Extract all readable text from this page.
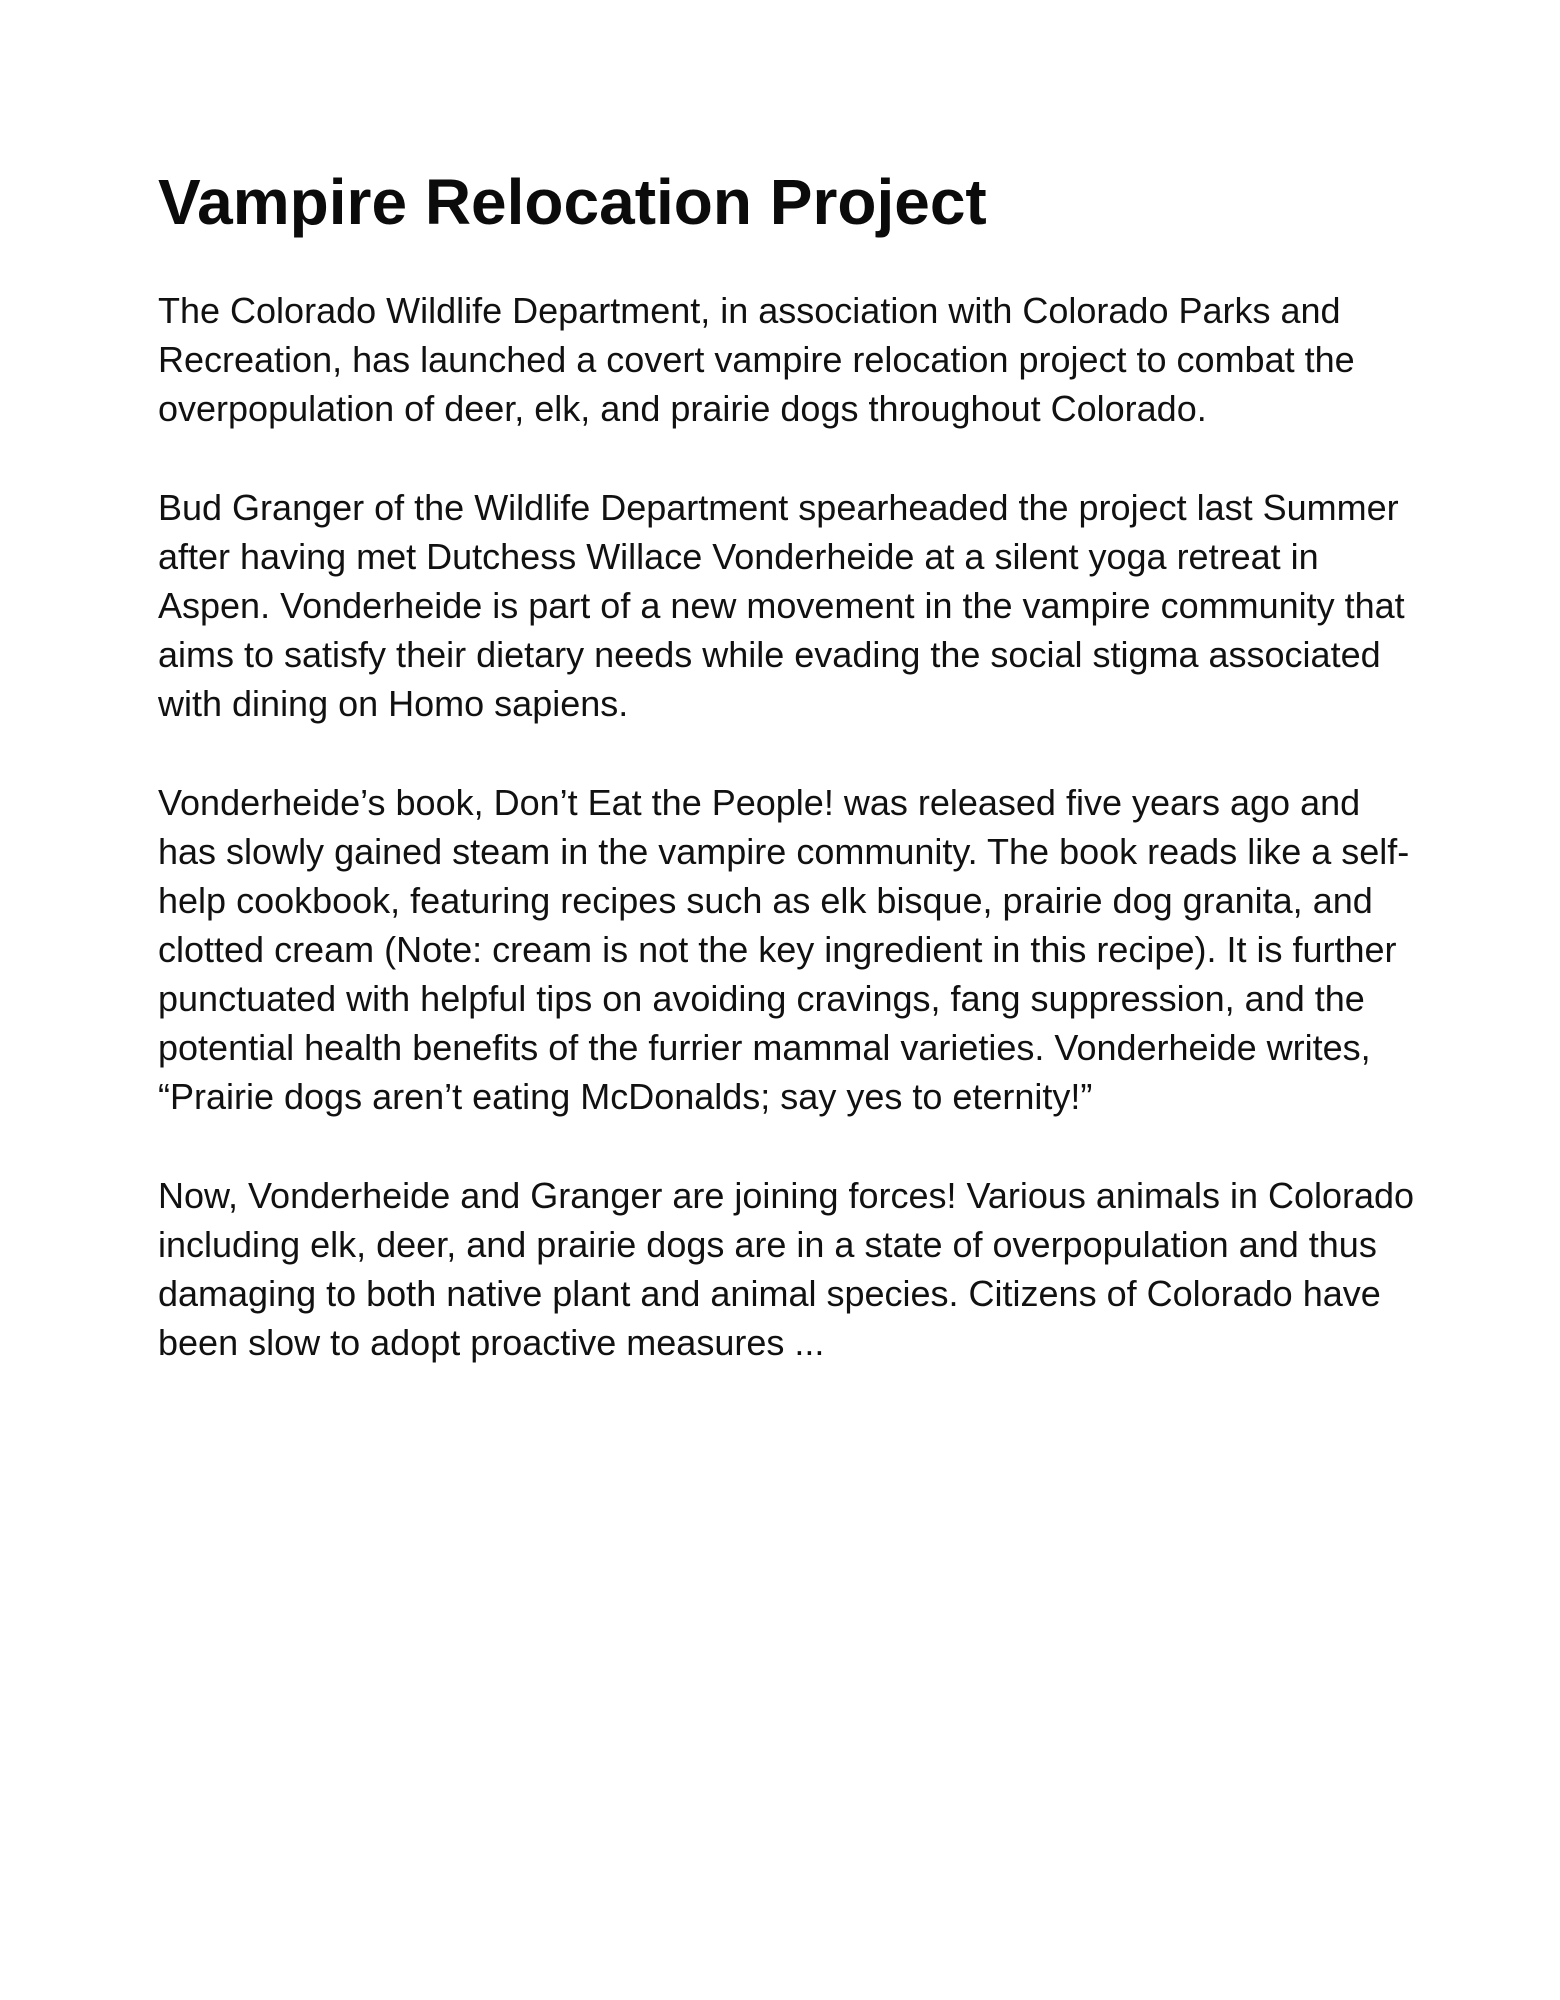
Vampire Relocation Project

The Colorado Wildlife Department, in association with Colorado Parks and Recreation, has launched a covert vampire relocation project to combat the overpopulation of deer, elk, and prairie dogs throughout Colorado.

Bud Granger of the Wildlife Department spearheaded the project last Summer after having met Dutchess Willace Vonderheide at a silent yoga retreat in Aspen. Vonderheide is part of a new movement in the vampire community that aims to satisfy their dietary needs while evading the social stigma associated with dining on Homo sapiens.

Vonderheide’s book, Don’t Eat the People! was released five years ago and has slowly gained steam in the vampire community. The book reads like a self-help cookbook, featuring recipes such as elk bisque, prairie dog granita, and clotted cream (Note: cream is not the key ingredient in this recipe). It is further punctuated with helpful tips on avoiding cravings, fang suppression, and the potential health benefits of the furrier mammal varieties. Vonderheide writes, “Prairie dogs aren’t eating McDonalds; say yes to eternity!”

Now, Vonderheide and Granger are joining forces! Various animals in Colorado including elk, deer, and prairie dogs are in a state of overpopulation and thus damaging to both native plant and animal species. Citizens of Colorado have been slow to adopt proactive measures ...
